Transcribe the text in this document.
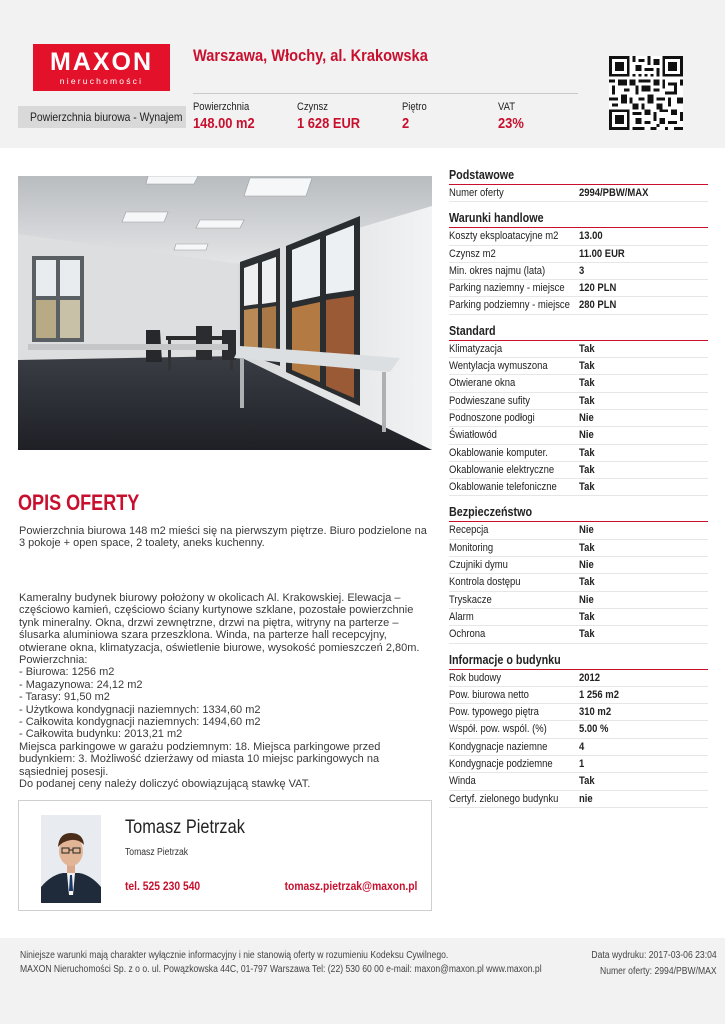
MAXON
nieruchomości
Warszawa, Włochy, al. Krakowska
Powierzchnia biurowa - Wynajem
Powierzchnia
148.00 m2
Czynsz
1 628 EUR
Piętro
2
VAT
23%
OPIS OFERTY
Powierzchnia biurowa 148 m2 mieści się na pierwszym piętrze. Biuro podzielone na
3 pokoje + open space, 2 toalety, aneks kuchenny.
Kameralny budynek biurowy położony w okolicach Al. Krakowskiej. Elewacja –
częściowo kamień, częściowo ściany kurtynowe szklane, pozostałe powierzchnie
tynk mineralny. Okna, drzwi zewnętrzne, drzwi na piętra, witryny na parterze –
ślusarka aluminiowa szara przeszklona. Winda, na parterze hall recepcyjny,
otwierane okna, klimatyzacja, oświetlenie biurowe, wysokość pomieszczeń 2,80m.
Powierzchnia:
- Biurowa: 1256 m2
- Magazynowa: 24,12 m2
- Tarasy: 91,50 m2
- Użytkowa kondygnacji naziemnych: 1334,60 m2
- Całkowita kondygnacji naziemnych: 1494,60 m2
- Całkowita budynku: 2013,21 m2
Miejsca parkingowe w garażu podziemnym: 18. Miejsca parkingowe przed
budynkiem: 3. Możliwość dzierżawy od miasta 10 miejsc parkingowych na
sąsiedniej posesji.
Do podanej ceny należy doliczyć obowiązującą stawkę VAT.
Tomasz Pietrzak
Tomasz Pietrzak
tel. 525 230 540	tomasz.pietrzak@maxon.pl
Podstawowe
Numer oferty	2994/PBW/MAX
Warunki handlowe
Koszty eksploatacyjne m2 13.00
Czynsz m2	11.00 EUR
Min. okres najmu (lata)	3
Parking naziemny - miejsce 120 PLN
Parking podziemny - miejsce 280 PLN
Standard
Klimatyzacja	Tak
Wentylacja wymuszona	Tak
Otwierane okna	Tak
Podwieszane sufity	Tak
Podnoszone podłogi	Nie
Światłowód	Nie
Okablowanie komputer.	Tak
Okablowanie elektryczne Tak
Okablowanie telefoniczne Tak
Bezpieczeństwo
Recepcja	Nie
Monitoring	Tak
Czujniki dymu	Nie
Kontrola dostępu	Tak
Tryskacze	Nie
Alarm	Tak
Ochrona	Tak
Informacje o budynku
Rok budowy	2012
Pow. biurowa netto	1 256 m2
Pow. typowego piętra	310 m2
Współ. pow. wspól. (%)	5.00 %
Kondygnacje naziemne	4
Kondygnacje podziemne 1
Winda	Tak
Certyf. zielonego budynku nie
Niniejsze warunki mają charakter wyłącznie informacyjny i nie stanowią oferty w rozumieniu Kodeksu Cywilnego.
MAXON Nieruchomości Sp. z o o. ul. Powązkowska 44C, 01-797 Warszawa Tel: (22) 530 60 00 e-mail: maxon@maxon.pl www.maxon.pl
Data wydruku: 2017-03-06 23:04
Numer oferty: 2994/PBW/MAX
